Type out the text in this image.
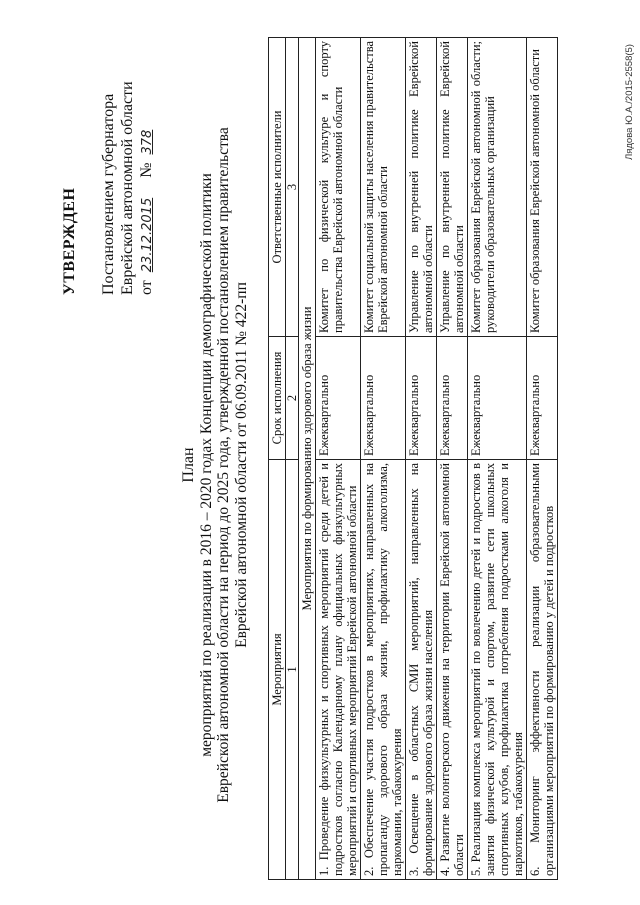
УТВЕРЖДЕН Постановлением губернатора Еврейской автономной области от 23.12.2015    № 378
План мероприятий по реализации в 2016 – 2020 годах Концепции демографической политики Еврейской автономной области на период до 2025 года, утвержденной постановлением правительства Еврейской автономной области от 06.09.2011 № 422-пп
Мероприятия	Срок исполнения	Ответственные исполнители
1	2	3
Мероприятия по формированию здорового образа жизни		
1. Проведение физкультурных и спортивных мероприятий среди детей и подростков согласно Календарному плану официальных физкультурных мероприятий и спортивных мероприятий Еврейской автономной области	Ежеквартально	Комитет по физической культуре и спорту правительства Еврейской автономной области
2. Обеспечение участия подростков в мероприятиях, направленных на пропаганду здорового образа жизни, профилактику алкоголизма, наркомании, табакокурения	Ежеквартально	Комитет социальной защиты населения правительства Еврейской автономной области
3. Освещение в областных СМИ мероприятий, направленных на формирование здорового образа жизни населения	Ежеквартально	Управление по внутренней политике Еврейской автономной области
4. Развитие волонтерского движения на территории Еврейской автономной области	Ежеквартально	Управление по внутренней политике Еврейской автономной области
5. Реализация комплекса мероприятий по вовлечению детей и подростков в занятия физической культурой и спортом, развитие сети школьных спортивных клубов, профилактика потребления подростками алкоголя и наркотиков, табакокурения	Ежеквартально	Комитет образования Еврейской автономной области; руководители образовательных организаций
6. Мониторинг эффективности реализации образовательными организациями мероприятий по формированию у детей и подростков	Ежеквартально	Комитет образования Еврейской автономной области	Лядова Ю.А./2015-2558(5)
